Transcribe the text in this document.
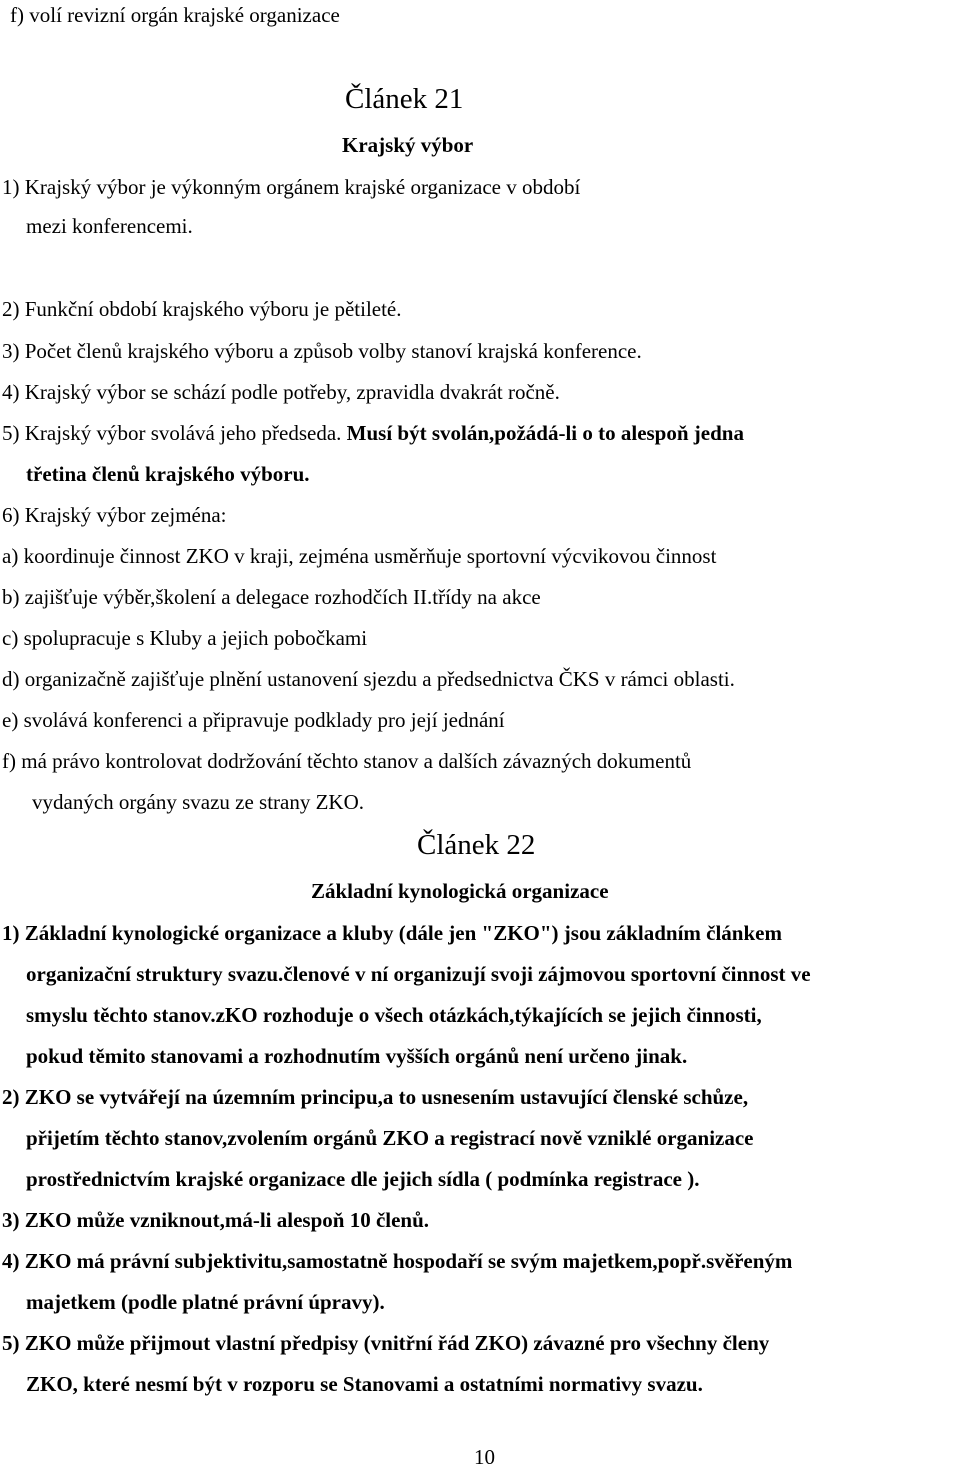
f) volí revizní orgán krajské organizace

Článek 21

Krajský výbor

1) Krajský výbor je výkonným orgánem krajské organizace v období

mezi konferencemi.

2) Funkční období krajského výboru je pětileté.

3) Počet členů krajského výboru a způsob volby stanoví krajská konference.

4) Krajský výbor se schází podle potřeby, zpravidla dvakrát ročně.

5) Krajský výbor svolává jeho předseda. Musí být svolán,požádá-li o to alespoň jedna

třetina členů krajského výboru.

6) Krajský výbor zejména:

a) koordinuje činnost ZKO v kraji, zejména usměrňuje sportovní výcvikovou činnost

b) zajišťuje výběr,školení a delegace rozhodčích II.třídy na akce

c) spolupracuje s Kluby a jejich pobočkami

d) organizačně zajišťuje plnění ustanovení sjezdu a předsednictva ČKS v rámci oblasti.

e) svolává konferenci a připravuje podklady pro její jednání

f) má právo kontrolovat dodržování těchto stanov a dalších závazných dokumentů

vydaných orgány svazu ze strany ZKO.

Článek 22

Základní kynologická organizace

1) Základní kynologické organizace a kluby (dále jen "ZKO") jsou základním článkem

organizační struktury svazu.členové v ní organizují svoji zájmovou sportovní činnost ve

smyslu těchto stanov.zKO rozhoduje o všech otázkách,týkajících se jejich činnosti,

pokud těmito stanovami a rozhodnutím vyšších orgánů není určeno jinak.

2) ZKO se vytvářejí na územním principu,a to usnesením ustavující členské schůze,

přijetím těchto stanov,zvolením orgánů ZKO a registrací nově vzniklé organizace

prostřednictvím krajské organizace dle jejich sídla ( podmínka registrace ).

3) ZKO může vzniknout,má-li alespoň 10 členů.

4) ZKO má právní subjektivitu,samostatně hospodaří se svým majetkem,popř.svěřeným

majetkem (podle platné právní úpravy).

5) ZKO může přijmout vlastní předpisy (vnitřní řád ZKO) závazné pro všechny členy

ZKO, které nesmí být v rozporu se Stanovami a ostatními normativy svazu.

10
